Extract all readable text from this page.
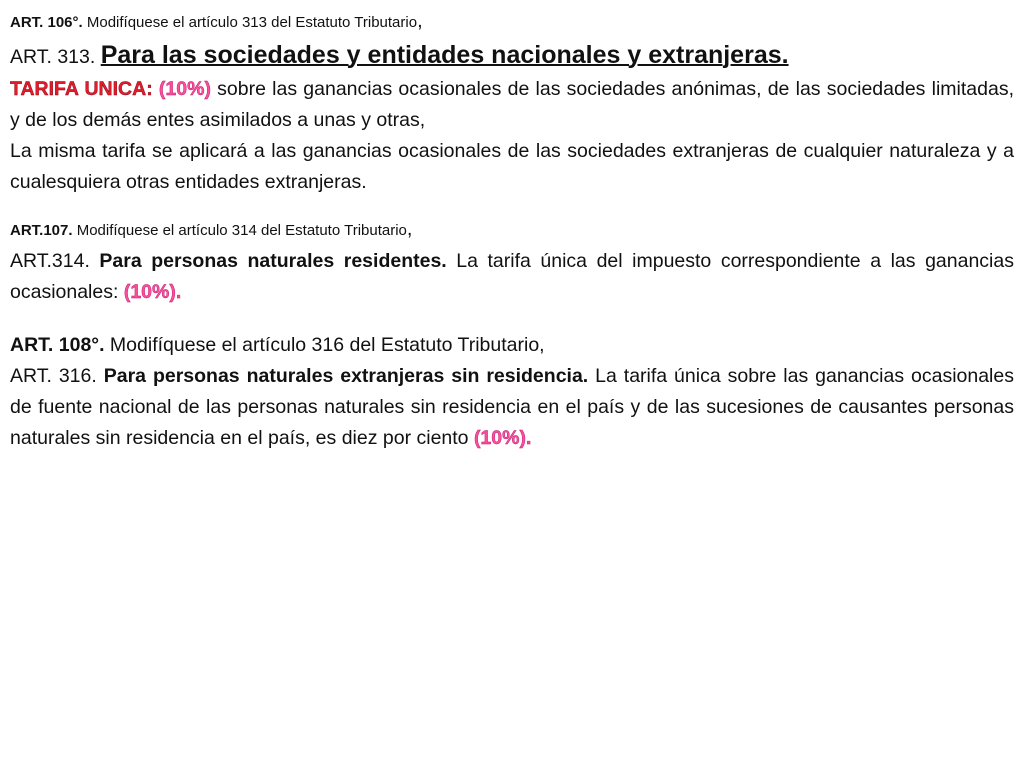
ART. 106°. Modifíquese el artículo 313 del Estatuto Tributario,

ART. 313. Para las sociedades y entidades nacionales y extranjeras.

TARIFA UNICA: (10%) sobre las ganancias ocasionales de las sociedades anónimas, de las sociedades limitadas, y de los demás entes asimilados a unas y otras,

La misma tarifa se aplicará a las ganancias ocasionales de las sociedades extranjeras de cualquier naturaleza y a cualesquiera otras entidades extranjeras.

ART.107. Modifíquese el artículo 314 del Estatuto Tributario,

ART.314. Para personas naturales residentes. La tarifa única del impuesto correspondiente a las ganancias ocasionales: (10%).

ART. 108°. Modifíquese el artículo 316 del Estatuto Tributario,

ART. 316. Para personas naturales extranjeras sin residencia. La tarifa única sobre las ganancias ocasionales de fuente nacional de las personas naturales sin residencia en el país y de las sucesiones de causantes personas naturales sin residencia en el país, es diez por ciento (10%).
